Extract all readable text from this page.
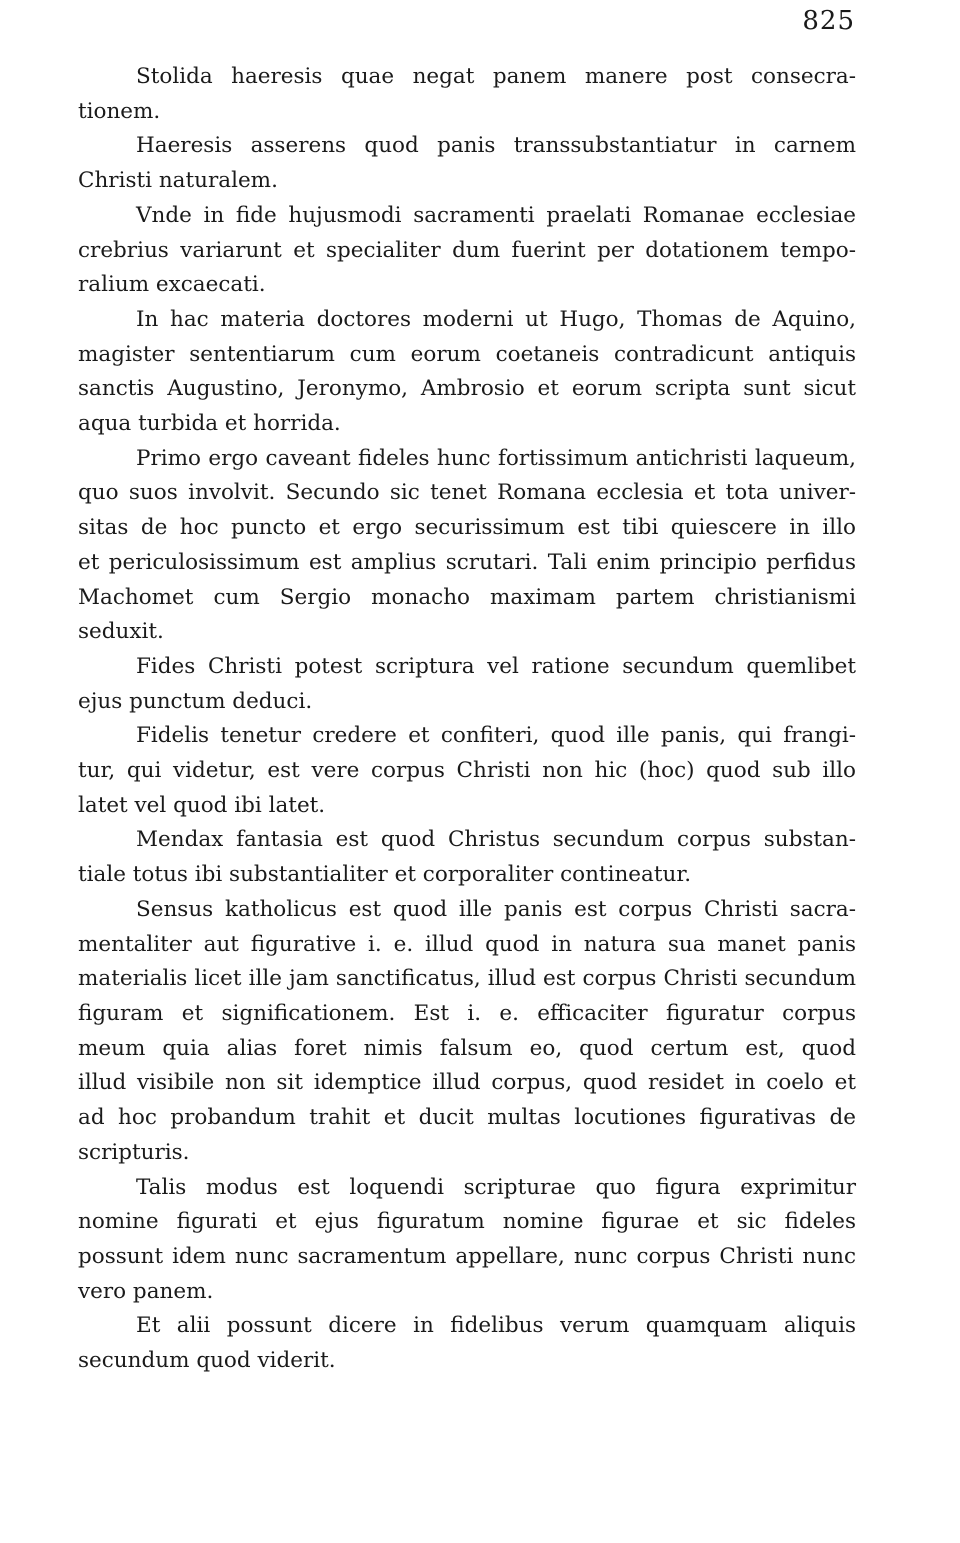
825
Stolida haeresis quae negat panem manere post consecra-
tionem.
Haeresis asserens quod panis transsubstantiatur in carnem
Christi naturalem.
Vnde in fide hujusmodi sacramenti praelati Romanae ecclesiae
crebrius variarunt et specialiter dum fuerint per dotationem tempo-
ralium excaecati.
In hac materia doctores moderni ut Hugo, Thomas de Aquino,
magister sententiarum cum eorum coetaneis contradicunt antiquis
sanctis Augustino, Jeronymo, Ambrosio et eorum scripta sunt sicut
aqua turbida et horrida.
Primo ergo caveant fideles hunc fortissimum antichristi laqueum,
quo suos involvit. Secundo sic tenet Romana ecclesia et tota univer-
sitas de hoc puncto et ergo securissimum est tibi quiescere in illo
et periculosissimum est amplius scrutari. Tali enim principio perfidus
Machomet cum Sergio monacho maximam partem christianismi
seduxit.
Fides Christi potest scriptura vel ratione secundum quemlibet
ejus punctum deduci.
Fidelis tenetur credere et confiteri, quod ille panis, qui frangi-
tur, qui videtur, est vere corpus Christi non hic (hoc) quod sub illo
latet vel quod ibi latet.
Mendax fantasia est quod Christus secundum corpus substan-
tiale totus ibi substantialiter et corporaliter contineatur.
Sensus katholicus est quod ille panis est corpus Christi sacra-
mentaliter aut figurative i. e. illud quod in natura sua manet panis
materialis licet ille jam sanctificatus, illud est corpus Christi secundum
figuram et significationem. Est i. e. efficaciter figuratur corpus
meum quia alias foret nimis falsum eo, quod certum est, quod
illud visibile non sit idemptice illud corpus, quod residet in coelo et
ad hoc probandum trahit et ducit multas locutiones figurativas de
scripturis.
Talis modus est loquendi scripturae quo figura exprimitur
nomine figurati et ejus figuratum nomine figurae et sic fideles
possunt idem nunc sacramentum appellare, nunc corpus Christi nunc
vero panem.
Et alii possunt dicere in fidelibus verum quamquam aliquis
secundum quod viderit.
